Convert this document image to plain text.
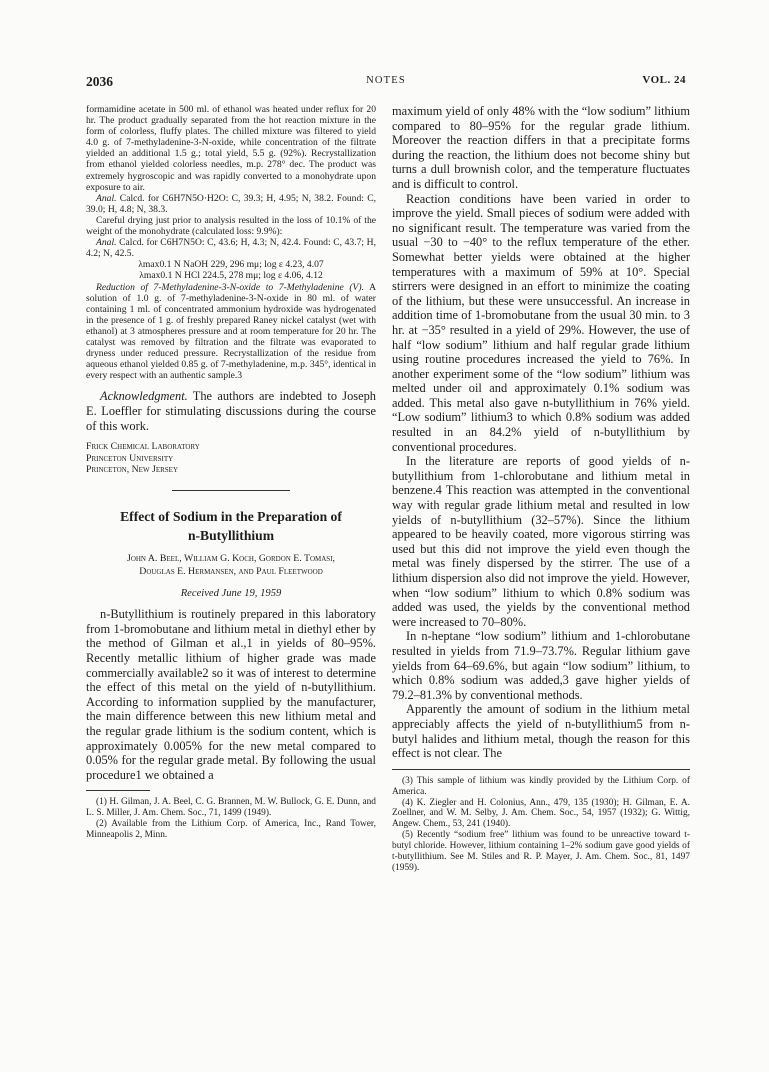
2036	NOTES	VOL. 24

formamidine acetate in 500 ml. of ethanol was heated under reflux for 20 hr. The product gradually separated from the hot reaction mixture in the form of colorless, fluffy plates. The chilled mixture was filtered to yield 4.0 g. of 7-methyladenine-3-N-oxide, while concentration of the filtrate yielded an additional 1.5 g.; total yield, 5.5 g. (92%). Recrystallization from ethanol yielded colorless needles, m.p. 278° dec. The product was extremely hygroscopic and was rapidly converted to a monohydrate upon exposure to air.

Anal. Calcd. for C6H7N5O·H2O: C, 39.3; H, 4.95; N, 38.2. Found: C, 39.0; H, 4.8; N, 38.3.

Careful drying just prior to analysis resulted in the loss of 10.1% of the weight of the monohydrate (calculated loss: 9.9%):

Anal. Calcd. for C6H7N5O: C, 43.6; H, 4.3; N, 42.4. Found: C, 43.7; H, 4.2; N, 42.5.

λmax0.1 N NaOH 229, 296 mμ; log ε 4.23, 4.07

λmax0.1 N HCl 224.5, 278 mμ; log ε 4.06, 4.12

Reduction of 7-Methyladenine-3-N-oxide to 7-Methyladenine (V). A solution of 1.0 g. of 7-methyladenine-3-N-oxide in 80 ml. of water containing 1 ml. of concentrated ammonium hydroxide was hydrogenated in the presence of 1 g. of freshly prepared Raney nickel catalyst (wet with ethanol) at 3 atmospheres pressure and at room temperature for 20 hr. The catalyst was removed by filtration and the filtrate was evaporated to dryness under reduced pressure. Recrystallization of the residue from aqueous ethanol yielded 0.85 g. of 7-methyladenine, m.p. 345°, identical in every respect with an authentic sample.3

Acknowledgment. The authors are indebted to Joseph E. Loeffler for stimulating discussions during the course of this work.

Frick Chemical Laboratory

Princeton University

Princeton, New Jersey

Effect of Sodium in the Preparation of

n-Butyllithium

John A. Beel, William G. Koch, Gordon E. Tomasi,
Douglas E. Hermansen, and Paul Fleetwood

Received June 19, 1959

n-Butyllithium is routinely prepared in this laboratory from 1-bromobutane and lithium metal in diethyl ether by the method of Gilman et al.,1 in yields of 80–95%. Recently metallic lithium of higher grade was made commercially available2 so it was of interest to determine the effect of this metal on the yield of n-butyllithium. According to information supplied by the manufacturer, the main difference between this new lithium metal and the regular grade lithium is the sodium content, which is approximately 0.005% for the new metal compared to 0.05% for the regular grade metal. By following the usual procedure1 we obtained a

(1) H. Gilman, J. A. Beel, C. G. Brannen, M. W. Bullock, G. E. Dunn, and L. S. Miller, J. Am. Chem. Soc., 71, 1499 (1949).

(2) Available from the Lithium Corp. of America, Inc., Rand Tower, Minneapolis 2, Minn.

maximum yield of only 48% with the “low sodium” lithium compared to 80–95% for the regular grade lithium. Moreover the reaction differs in that a precipitate forms during the reaction, the lithium does not become shiny but turns a dull brownish color, and the temperature fluctuates and is difficult to control.

Reaction conditions have been varied in order to improve the yield. Small pieces of sodium were added with no significant result. The temperature was varied from the usual −30 to −40° to the reflux temperature of the ether. Somewhat better yields were obtained at the higher temperatures with a maximum of 59% at 10°. Special stirrers were designed in an effort to minimize the coating of the lithium, but these were unsuccessful. An increase in addition time of 1-bromobutane from the usual 30 min. to 3 hr. at −35° resulted in a yield of 29%. However, the use of half “low sodium” lithium and half regular grade lithium using routine procedures increased the yield to 76%. In another experiment some of the “low sodium” lithium was melted under oil and approximately 0.1% sodium was added. This metal also gave n-butyllithium in 76% yield. “Low sodium” lithium3 to which 0.8% sodium was added resulted in an 84.2% yield of n-butyllithium by conventional procedures.

In the literature are reports of good yields of n-butyllithium from 1-chlorobutane and lithium metal in benzene.4 This reaction was attempted in the conventional way with regular grade lithium metal and resulted in low yields of n-butyllithium (32–57%). Since the lithium appeared to be heavily coated, more vigorous stirring was used but this did not improve the yield even though the metal was finely dispersed by the stirrer. The use of a lithium dispersion also did not improve the yield. However, when “low sodium” lithium to which 0.8% sodium was added was used, the yields by the conventional method were increased to 70–80%.

In n-heptane “low sodium” lithium and 1-chlorobutane resulted in yields from 71.9–73.7%. Regular lithium gave yields from 64–69.6%, but again “low sodium” lithium, to which 0.8% sodium was added,3 gave higher yields of 79.2–81.3% by conventional methods.

Apparently the amount of sodium in the lithium metal appreciably affects the yield of n-butyllithium5 from n-butyl halides and lithium metal, though the reason for this effect is not clear. The

(3) This sample of lithium was kindly provided by the Lithium Corp. of America.

(4) K. Ziegler and H. Colonius, Ann., 479, 135 (1930); H. Gilman, E. A. Zoellner, and W. M. Selby, J. Am. Chem. Soc., 54, 1957 (1932); G. Wittig, Angew. Chem., 53, 241 (1940).

(5) Recently “sodium free” lithium was found to be unreactive toward t-butyl chloride. However, lithium containing 1–2% sodium gave good yields of t-butyllithium. See M. Stiles and R. P. Mayer, J. Am. Chem. Soc., 81, 1497 (1959).
